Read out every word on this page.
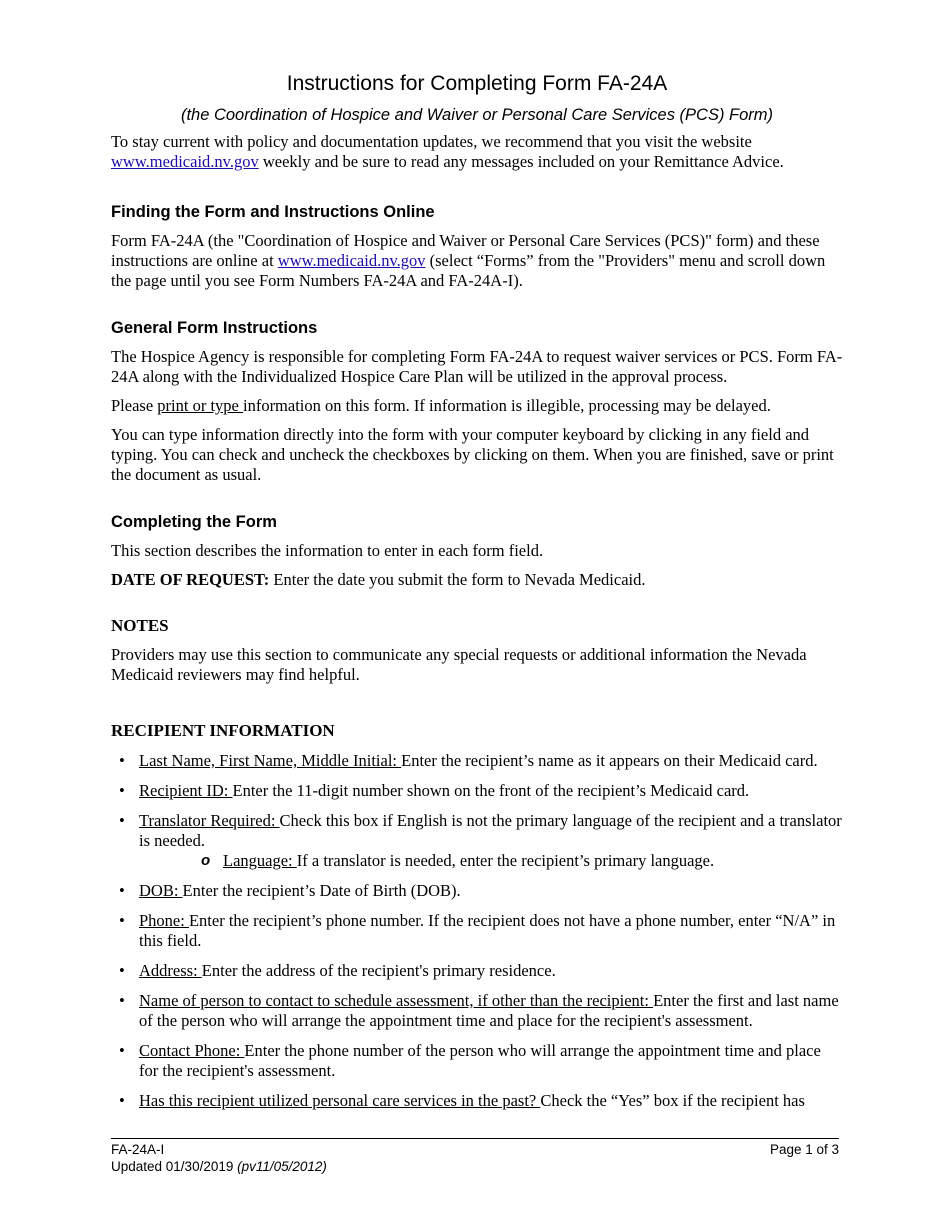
Instructions for Completing Form FA-24A

(the Coordination of Hospice and Waiver or Personal Care Services (PCS) Form)

To stay current with policy and documentation updates, we recommend that you visit the website
www.medicaid.nv.gov weekly and be sure to read any messages included on your Remittance Advice.

Finding the Form and Instructions Online

Form FA-24A (the "Coordination of Hospice and Waiver or Personal Care Services (PCS)" form) and these instructions are online at www.medicaid.nv.gov (select “Forms” from the "Providers" menu and scroll down the page until you see Form Numbers FA-24A and FA-24A-I).

General Form Instructions

The Hospice Agency is responsible for completing Form FA-24A to request waiver services or PCS. Form FA-24A along with the Individualized Hospice Care Plan will be utilized in the approval process.

Please print or type information on this form. If information is illegible, processing may be delayed.

You can type information directly into the form with your computer keyboard by clicking in any field and typing. You can check and uncheck the checkboxes by clicking on them. When you are finished, save or print the document as usual.

Completing the Form

This section describes the information to enter in each form field.

DATE OF REQUEST: Enter the date you submit the form to Nevada Medicaid.

NOTES

Providers may use this section to communicate any special requests or additional information the Nevada Medicaid reviewers may find helpful.

RECIPIENT INFORMATION
• Last Name, First Name, Middle Initial: Enter the recipient’s name as it appears on their Medicaid card.
• Recipient ID: Enter the 11-digit number shown on the front of the recipient’s Medicaid card.
• Translator Required: Check this box if English is not the primary language of the recipient and a translator is needed.
o Language: If a translator is needed, enter the recipient’s primary language.
• DOB: Enter the recipient’s Date of Birth (DOB).
• Phone: Enter the recipient’s phone number. If the recipient does not have a phone number, enter “N/A” in this field.
• Address: Enter the address of the recipient's primary residence.
• Name of person to contact to schedule assessment, if other than the recipient: Enter the first and last name of the person who will arrange the appointment time and place for the recipient's assessment.
• Contact Phone: Enter the phone number of the person who will arrange the appointment time and place for the recipient's assessment.
• Has this recipient utilized personal care services in the past? Check the “Yes” box if the recipient has
FA-24A-I	Page 1 of 3
Updated 01/30/2019 (pv11/05/2012)
